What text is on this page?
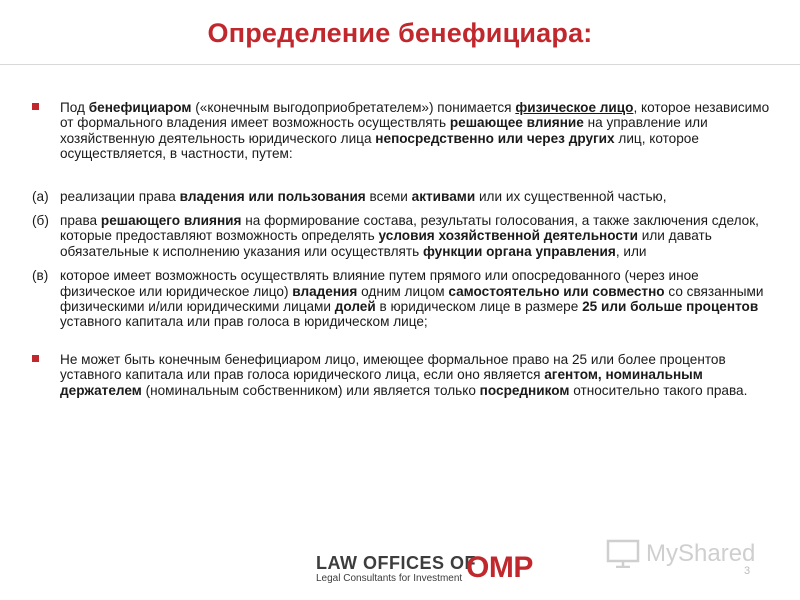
Определение бенефициара:
Под бенефициаром («конечным выгодоприобретателем») понимается физическое лицо, которое независимо от формального владения имеет возможность осуществлять решающее влияние на управление или хозяйственную деятельность юридического лица непосредственно или через других лиц, которое осуществляется, в частности, путем:
(а) реализации права владения или пользования всеми активами или их существенной частью,
(б) права решающего влияния на формирование состава, результаты голосования, а также заключения сделок, которые предоставляют возможность определять условия хозяйственной деятельности или давать обязательные к исполнению указания или осуществлять функции органа управления, или
(в) которое имеет возможность осуществлять влияние путем прямого или опосредованного (через иное физическое или юридическое лицо) владения одним лицом самостоятельно или совместно со связанными физическими и/или юридическими лицами долей в юридическом лице в размере 25 или больше процентов уставного капитала или прав голоса в юридическом лице;
Не может быть конечным бенефициаром лицо, имеющее формальное право на 25 или более процентов уставного капитала или прав голоса юридического лица, если оно является агентом, номинальным держателем (номинальным собственником) или является только посредником относительно такого права.
LAW OFFICES OF
Legal Consultants for Investment OMP	MyShared
3
